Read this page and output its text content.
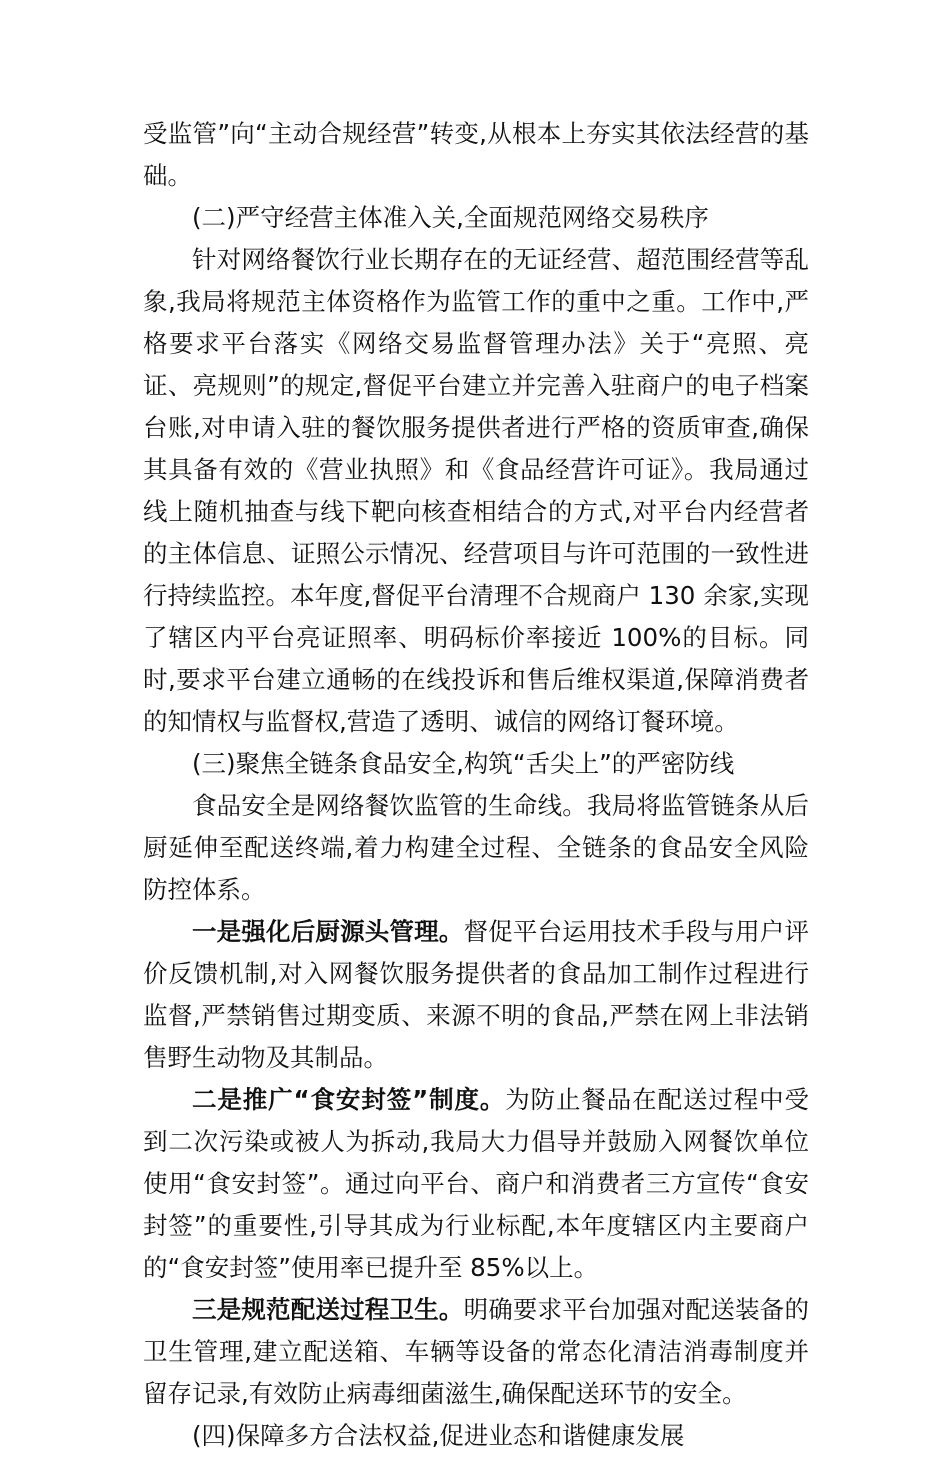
受监管”向“主动合规经营”转变,从根本上夯实其依法经营的基础。

(二)严守经营主体准入关,全面规范网络交易秩序

针对网络餐饮行业长期存在的无证经营、超范围经营等乱象,我局将规范主体资格作为监管工作的重中之重。工作中,严格要求平台落实《网络交易监督管理办法》关于“亮照、亮证、亮规则”的规定,督促平台建立并完善入驻商户的电子档案台账,对申请入驻的餐饮服务提供者进行严格的资质审查,确保其具备有效的《营业执照》和《食品经营许可证》。我局通过线上随机抽查与线下靶向核查相结合的方式,对平台内经营者的主体信息、证照公示情况、经营项目与许可范围的一致性进行持续监控。本年度,督促平台清理不合规商户 130 余家,实现了辖区内平台亮证照率、明码标价率接近 100%的目标。同时,要求平台建立通畅的在线投诉和售后维权渠道,保障消费者的知情权与监督权,营造了透明、诚信的网络订餐环境。

(三)聚焦全链条食品安全,构筑“舌尖上”的严密防线

食品安全是网络餐饮监管的生命线。我局将监管链条从后厨延伸至配送终端,着力构建全过程、全链条的食品安全风险防控体系。

一是强化后厨源头管理。督促平台运用技术手段与用户评价反馈机制,对入网餐饮服务提供者的食品加工制作过程进行监督,严禁销售过期变质、来源不明的食品,严禁在网上非法销售野生动物及其制品。

二是推广“食安封签”制度。为防止餐品在配送过程中受到二次污染或被人为拆动,我局大力倡导并鼓励入网餐饮单位使用“食安封签”。通过向平台、商户和消费者三方宣传“食安封签”的重要性,引导其成为行业标配,本年度辖区内主要商户的“食安封签”使用率已提升至 85%以上。

三是规范配送过程卫生。明确要求平台加强对配送装备的卫生管理,建立配送箱、车辆等设备的常态化清洁消毒制度并留存记录,有效防止病毒细菌滋生,确保配送环节的安全。

(四)保障多方合法权益,促进业态和谐健康发展
